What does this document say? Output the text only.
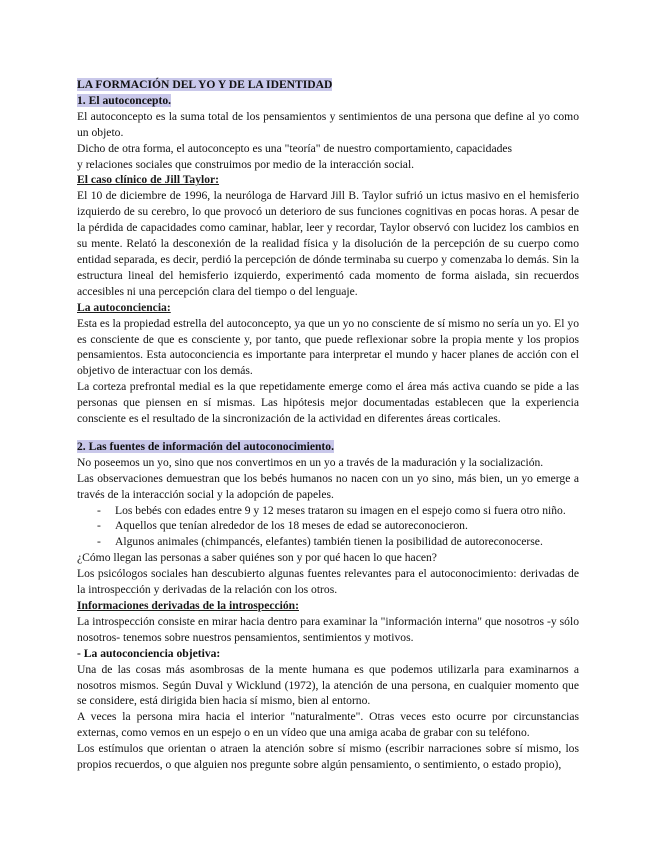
LA FORMACIÓN DEL YO Y DE LA IDENTIDAD

1. El autoconcepto.

El autoconcepto es la suma total de los pensamientos y sentimientos de una persona que define al yo como un objeto.

Dicho de otra forma, el autoconcepto es una "teoría" de nuestro comportamiento, capacidades

y relaciones sociales que construimos por medio de la interacción social.

El caso clínico de Jill Taylor:

El 10 de diciembre de 1996, la neuróloga de Harvard Jill B. Taylor sufrió un ictus masivo en el hemisferio izquierdo de su cerebro, lo que provocó un deterioro de sus funciones cognitivas en pocas horas. A pesar de la pérdida de capacidades como caminar, hablar, leer y recordar, Taylor observó con lucidez los cambios en su mente. Relató la desconexión de la realidad física y la disolución de la percepción de su cuerpo como entidad separada, es decir, perdió la percepción de dónde terminaba su cuerpo y comenzaba lo demás. Sin la estructura lineal del hemisferio izquierdo, experimentó cada momento de forma aislada, sin recuerdos accesibles ni una percepción clara del tiempo o del lenguaje.

La autoconciencia:

Esta es la propiedad estrella del autoconcepto, ya que un yo no consciente de sí mismo no sería un yo. El yo es consciente de que es consciente y, por tanto, que puede reflexionar sobre la propia mente y los propios pensamientos. Esta autoconciencia es importante para interpretar el mundo y hacer planes de acción con el objetivo de interactuar con los demás.

La corteza prefrontal medial es la que repetidamente emerge como el área más activa cuando se pide a las personas que piensen en sí mismas. Las hipótesis mejor documentadas establecen que la experiencia consciente es el resultado de la sincronización de la actividad en diferentes áreas corticales.

2. Las fuentes de información del autoconocimiento.

No poseemos un yo, sino que nos convertimos en un yo a través de la maduración y la socialización.

Las observaciones demuestran que los bebés humanos no nacen con un yo sino, más bien, un yo emerge a través de la interacción social y la adopción de papeles.

- Los bebés con edades entre 9 y 12 meses trataron su imagen en el espejo como si fuera otro niño.
- Aquellos que tenían alrededor de los 18 meses de edad se autoreconocieron.
- Algunos animales (chimpancés, elefantes) también tienen la posibilidad de autoreconocerse.

¿Cómo llegan las personas a saber quiénes son y por qué hacen lo que hacen?

Los psicólogos sociales han descubierto algunas fuentes relevantes para el autoconocimiento: derivadas de la introspección y derivadas de la relación con los otros.

Informaciones derivadas de la introspección:

La introspección consiste en mirar hacia dentro para examinar la "información interna" que nosotros -y sólo nosotros- tenemos sobre nuestros pensamientos, sentimientos y motivos.

- La autoconciencia objetiva:

Una de las cosas más asombrosas de la mente humana es que podemos utilizarla para examinarnos a nosotros mismos. Según Duval y Wicklund (1972), la atención de una persona, en cualquier momento que se considere, está dirigida bien hacia sí mismo, bien al entorno.

A veces la persona mira hacia el interior "naturalmente". Otras veces esto ocurre por circunstancias externas, como vemos en un espejo o en un vídeo que una amiga acaba de grabar con su teléfono.

Los estímulos que orientan o atraen la atención sobre sí mismo (escribir narraciones sobre sí mismo, los propios recuerdos, o que alguien nos pregunte sobre algún pensamiento, o sentimiento, o estado propio),
